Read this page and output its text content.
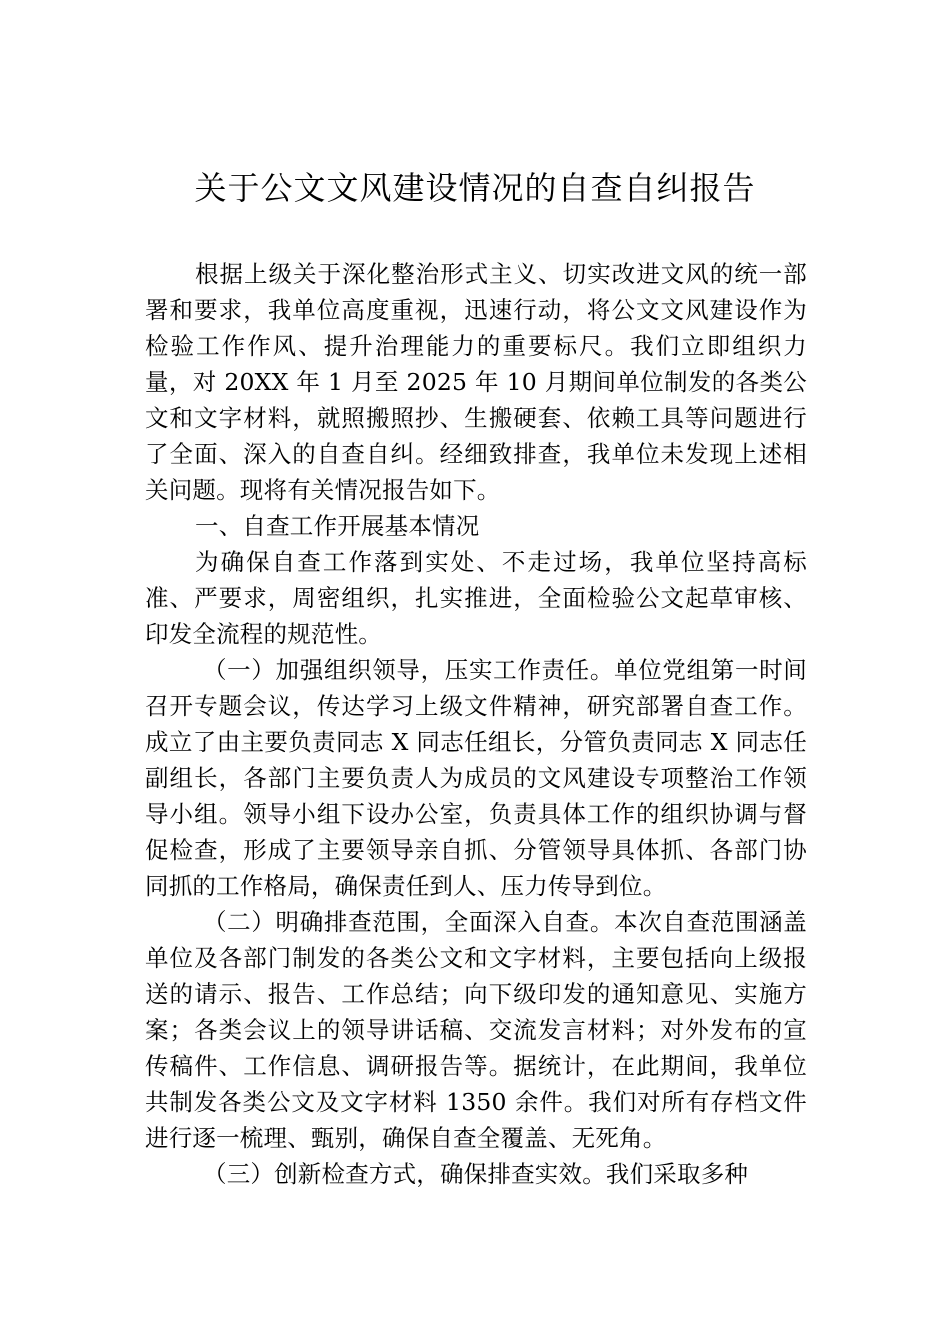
关于公文文风建设情况的自查自纠报告

根据上级关于深化整治形式主义、切实改进文风的统一部署和要求，我单位高度重视，迅速行动，将公文文风建设作为检验工作作风、提升治理能力的重要标尺。我们立即组织力量，对 20XX 年 1 月至 2025 年 10 月期间单位制发的各类公文和文字材料，就照搬照抄、生搬硬套、依赖工具等问题进行了全面、深入的自查自纠。经细致排查，我单位未发现上述相关问题。现将有关情况报告如下。

一、自查工作开展基本情况

为确保自查工作落到实处、不走过场，我单位坚持高标准、严要求，周密组织，扎实推进，全面检验公文起草审核、印发全流程的规范性。

（一）加强组织领导，压实工作责任。单位党组第一时间召开专题会议，传达学习上级文件精神，研究部署自查工作。成立了由主要负责同志 X 同志任组长，分管负责同志 X 同志任副组长，各部门主要负责人为成员的文风建设专项整治工作领导小组。领导小组下设办公室，负责具体工作的组织协调与督促检查，形成了主要领导亲自抓、分管领导具体抓、各部门协同抓的工作格局，确保责任到人、压力传导到位。

（二）明确排查范围，全面深入自查。本次自查范围涵盖单位及各部门制发的各类公文和文字材料，主要包括向上级报送的请示、报告、工作总结；向下级印发的通知意见、实施方案；各类会议上的领导讲话稿、交流发言材料；对外发布的宣传稿件、工作信息、调研报告等。据统计，在此期间，我单位共制发各类公文及文字材料 1350 余件。我们对所有存档文件进行逐一梳理、甄别，确保自查全覆盖、无死角。

（三）创新检查方式，确保排查实效。我们采取多种
